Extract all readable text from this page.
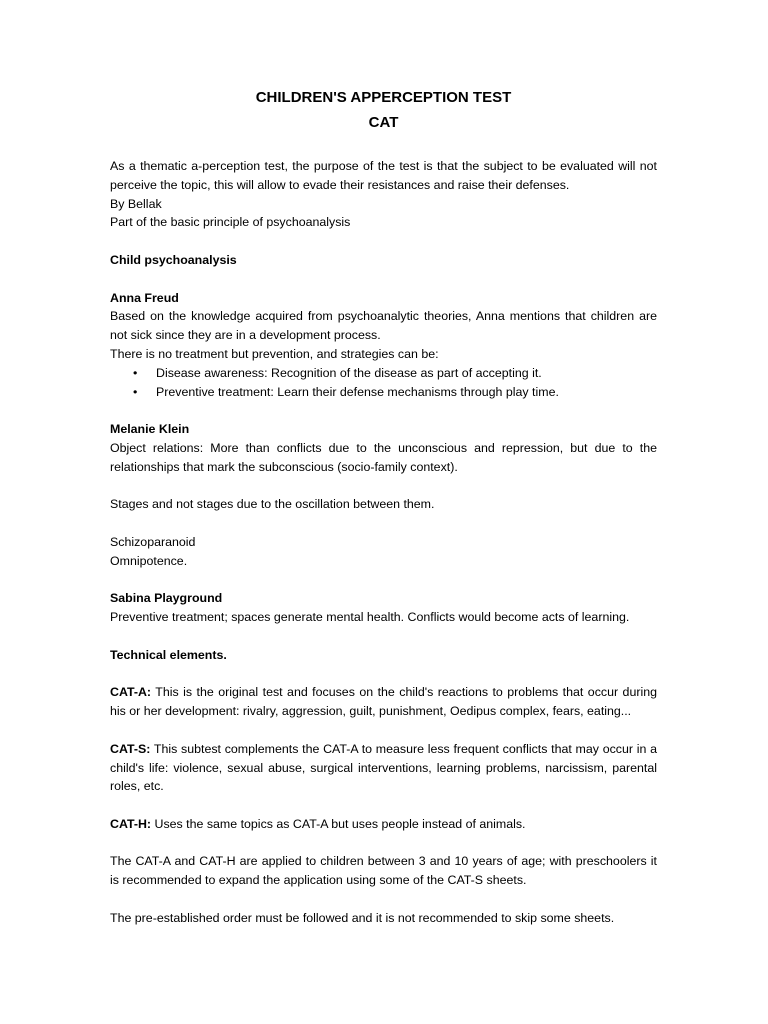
CHILDREN'S APPERCEPTION TEST

CAT

As a thematic a-perception test, the purpose of the test is that the subject to be evaluated will not perceive the topic, this will allow to evade their resistances and raise their defenses.

By Bellak

Part of the basic principle of psychoanalysis

Child psychoanalysis

Anna Freud

Based on the knowledge acquired from psychoanalytic theories, Anna mentions that children are not sick since they are in a development process.

There is no treatment but prevention, and strategies can be:

• Disease awareness: Recognition of the disease as part of accepting it.
• Preventive treatment: Learn their defense mechanisms through play time.

Melanie Klein

Object relations: More than conflicts due to the unconscious and repression, but due to the relationships that mark the subconscious (socio-family context).

Stages and not stages due to the oscillation between them.

Schizoparanoid

Omnipotence.

Sabina Playground

Preventive treatment; spaces generate mental health. Conflicts would become acts of learning.

Technical elements.

CAT-A: This is the original test and focuses on the child's reactions to problems that occur during his or her development: rivalry, aggression, guilt, punishment, Oedipus complex, fears, eating...

CAT-S: This subtest complements the CAT-A to measure less frequent conflicts that may occur in a child's life: violence, sexual abuse, surgical interventions, learning problems, narcissism, parental roles, etc.

CAT-H: Uses the same topics as CAT-A but uses people instead of animals.

The CAT-A and CAT-H are applied to children between 3 and 10 years of age; with preschoolers it is recommended to expand the application using some of the CAT-S sheets.

The pre-established order must be followed and it is not recommended to skip some sheets.
